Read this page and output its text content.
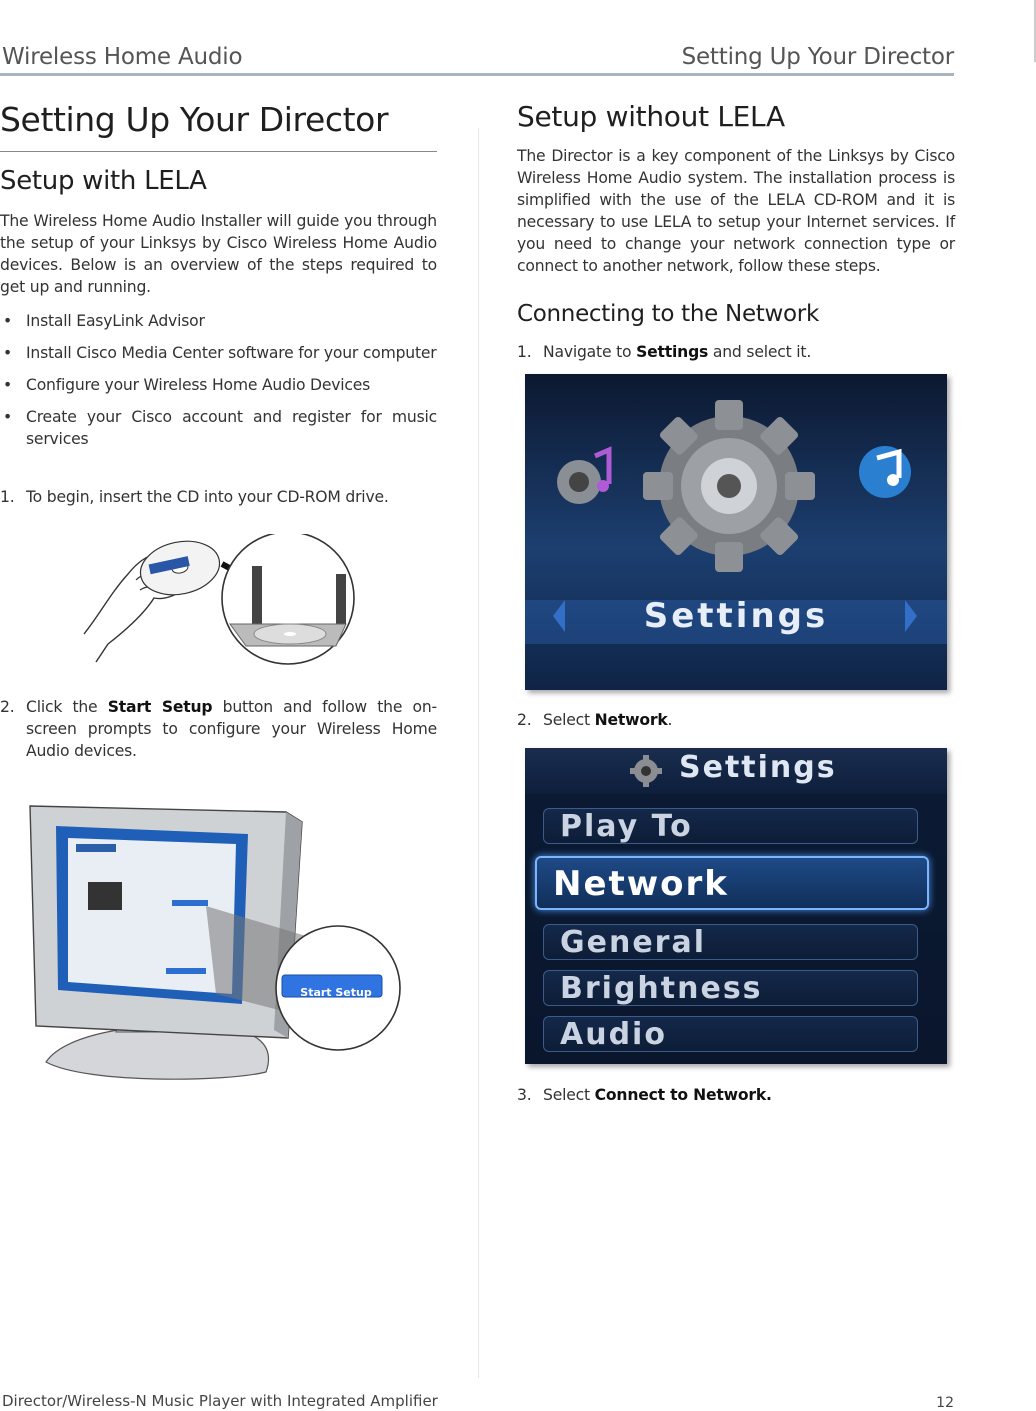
Wireless Home Audio	Setting Up Your Director
Setting Up Your Director
Setup with LELA

The Wireless Home Audio Installer will guide you through the setup of your Linksys by Cisco Wireless Home Audio devices. Below is an overview of the steps required to get up and running.

• Install EasyLink Advisor
• Install Cisco Media Center software for your computer
• Configure your Wireless Home Audio Devices
• Create your Cisco account and register for music services

1. To begin, insert the CD into your CD-ROM drive.

2. Click the Start Setup button and follow the on-screen prompts to configure your Wireless Home Audio devices.

Start Setup
Setup without LELA

The Director is a key component of the Linksys by Cisco Wireless Home Audio system. The installation process is simplified with the use of the LELA CD-ROM and it is necessary to use LELA to setup your Internet services. If you need to change your network connection type or connect to another network, follow these steps.

Connecting to the Network

1. Navigate to Settings and select it.

Settings

2. Select Network.

Settings
Play To
Network
General
Brightness
Audio

3. Select Connect to Network.

Director/Wireless-N Music Player with Integrated Amplifier	12
